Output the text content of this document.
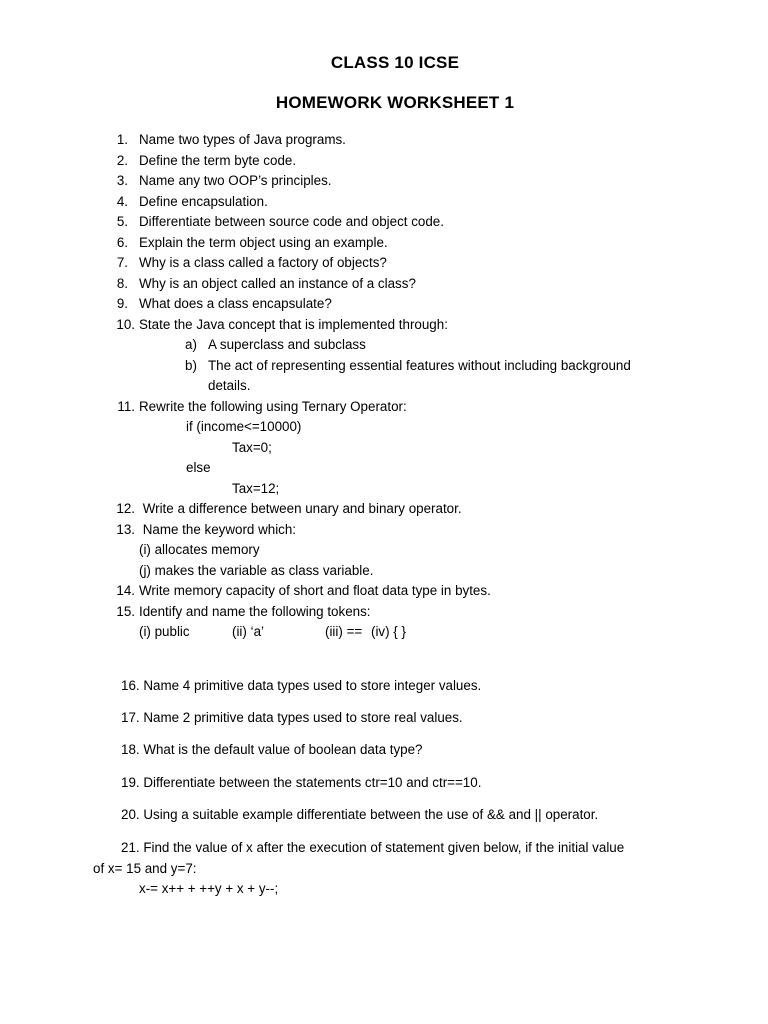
CLASS 10 ICSE
HOMEWORK WORKSHEET 1
1. Name two types of Java programs.
2. Define the term byte code.
3. Name any two OOP’s principles.
4. Define encapsulation.
5. Differentiate between source code and object code.
6. Explain the term object using an example.
7. Why is a class called a factory of objects?
8. Why is an object called an instance of a class?
9. What does a class encapsulate?
10. State the Java concept that is implemented through:
a) A superclass and subclass
b) The act of representing essential features without including background
details.
11. Rewrite the following using Ternary Operator:
if (income<=10000)
Tax=0;
else
Tax=12;
12. Write a difference between unary and binary operator.
13. Name the keyword which:
(i) allocates memory
(j) makes the variable as class variable.
14. Write memory capacity of short and float data type in bytes.
15. Identify and name the following tokens:
(i) public	(ii) ‘a’	(iii) == (iv) { }
16. Name 4 primitive data types used to store integer values.
17. Name 2 primitive data types used to store real values.
18. What is the default value of boolean data type?
19. Differentiate between the statements ctr=10 and ctr==10.
20. Using a suitable example differentiate between the use of && and || operator.
21. Find the value of x after the execution of statement given below, if the initial value
of x= 15 and y=7:
x-= x++ + ++y + x + y--;
